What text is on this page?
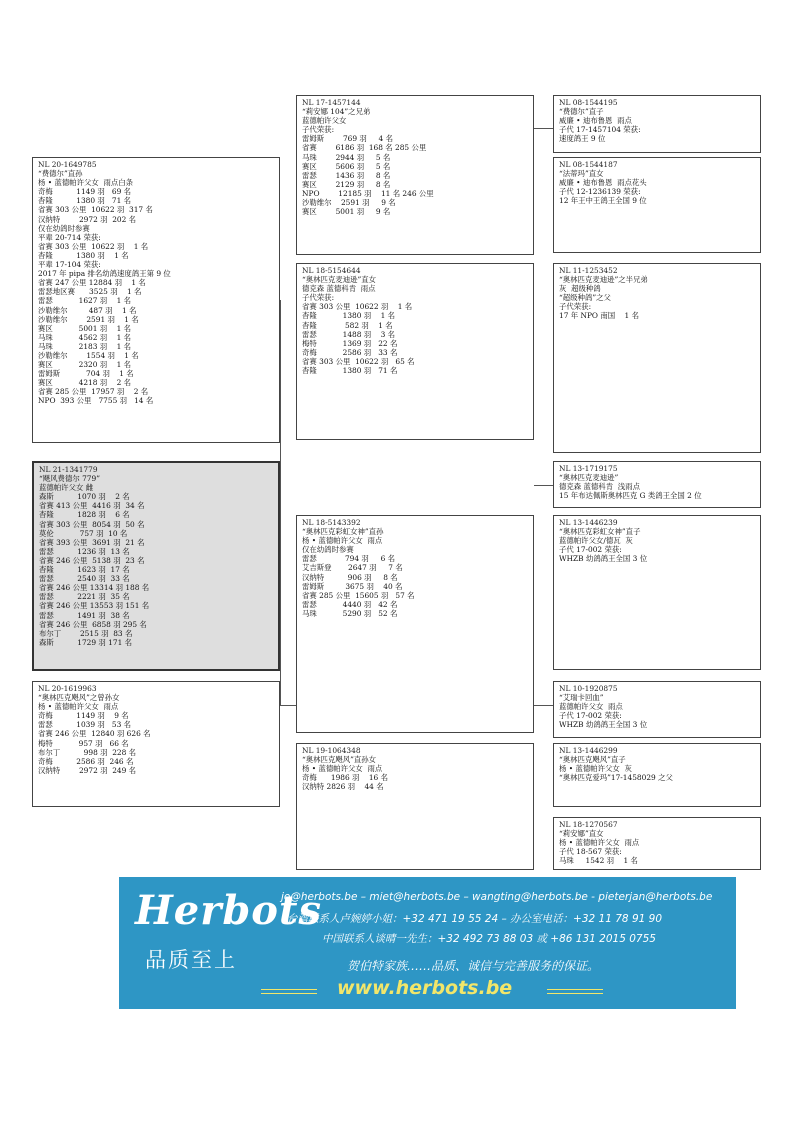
NL 21-1341779
“飓风费德尔 779”
蓝德帕许父女 雌
森斯          1070 羽    2 名
省赛 413 公里  4416 羽  34 名
杳隆          1828 羽    6 名
省赛 303 公里  8054 羽  50 名
莫伦           757 羽  10 名
省赛 393 公里  3691 羽  21 名
雷瑟          1236 羽  13 名
省赛 246 公里  5138 羽  23 名
杳隆          1623 羽  17 名
雷瑟          2540 羽  33 名
省赛 246 公里 13314 羽 188 名
雷瑟          2221 羽  35 名
省赛 246 公里 13553 羽 151 名
雷瑟          1491 羽  38 名
省赛 246 公里  6858 羽 295 名
布尔丁        2515 羽  83 名
森斯          1729 羽 171 名
NL 20-1649785
“费德尔”直孙
杨 • 蓝德帕许父女  雨点白条
奇梅          1149 羽   69 名
杳隆          1380 羽   71 名
省赛 303 公里  10622 羽  317 名
汉纳特        2972 羽  202 名
仅在幼鸽时参赛
平辈 20-714 荣获:
省赛 303 公里  10622 羽    1 名
杳隆          1380 羽    1 名
平辈 17-104 荣获:
2017 年 pipa 排名幼鸽速度鸽王第 9 位
省赛 247 公里 12884 羽    1 名
雷瑟地区赛      3525 羽    1 名
雷瑟           1627 羽    1 名
沙勒维尔         487 羽    1 名
沙勒维尔        2591 羽    1 名
赛区           5001 羽    1 名
马珠           4562 羽    1 名
马珠           2183 羽    1 名
沙勒维尔        1554 羽    1 名
赛区           2320 羽    1 名
雷姆斯           704 羽    1 名
赛区           4218 羽    2 名
省赛 285 公里  17957 羽    2 名
NPO  393 公里   7755 羽   14 名
NL 20-1619963
“奥林匹克飓风”之曾孙女
杨 • 蓝德帕许父女  雨点
奇梅          1149 羽    9 名
雷瑟          1039 羽   53 名
省赛 246 公里  12840 羽 626 名
梅特           957 羽   66 名
布尔丁          998 羽  228 名
奇梅          2586 羽  246 名
汉纳特        2972 羽  249 名
NL 17-1457144
“莉安娜 104”之兄弟
蓝德帕许父女
子代荣获:
雷姆斯        769 羽     4 名
省赛        6186 羽  168 名 285 公里
马珠        2944 羽     5 名
赛区        5606 羽     5 名
雷瑟        1436 羽     8 名
赛区        2129 羽     8 名
NPO        12185 羽    11 名 246 公里
沙勒维尔    2591 羽     9 名
赛区        5001 羽     9 名
NL 18-5154644
“奥林匹克麦迪逊”直女
德克森 蓝德科肯  雨点
子代荣获:
省赛 303 公里  10622 羽    1 名
杳隆           1380 羽    1 名
杳隆            582 羽    1 名
雷瑟           1488 羽    3 名
梅特           1369 羽   22 名
奇梅           2586 羽   33 名
省赛 303 公里  10622 羽   65 名
杳隆           1380 羽   71 名
NL 18-5143392
“奥林匹克彩虹女神”直孙
杨 • 蓝德帕许父女  雨点
仅在幼鸽时参赛
雷瑟            794 羽     6 名
艾吉斯登       2647 羽     7 名
汉纳特          906 羽     8 名
雷姆斯         3675 羽    40 名
省赛 285 公里  15605 羽   57 名
雷瑟           4440 羽   42 名
马珠           5290 羽   52 名
NL 19-1064348
“奥林匹克飓风”直孙女
杨 • 蓝德帕许父女  雨点
奇梅      1986 羽    16 名
汉纳特 2826 羽    44 名
NL 08-1544195
“费德尔”直子
威廉 • 迪布鲁恩  雨点
子代 17-1457104 荣获:
速度鸽王 9 位
NL 08-1544187
“法蒂玛”直女
威廉 • 迪布鲁恩  雨点花头
子代 12-1236139 荣获:
12 年王中王鸽王全国 9 位
NL 11-1253452
“奥林匹克麦迪逊”之半兄弟
灰  超级种鸽
“超级种鸽”之父
子代荣获:
17 年 NPO 南国    1 名
NL 13-1719175
“奥林匹克麦迪逊”
德克森 蓝德科肯  浅雨点
15 年布达佩斯奥林匹克 G 类鸽王全国 2 位
NL 13-1446239
“奥林匹克彩虹女神”直子
蓝德帕许父女/德瓦  灰
子代 17-002 荣获:
WHZB 幼鸽鸽王全国 3 位
NL 10-1920875
“艾瑞卡回血”
蓝德帕许父女  雨点
子代 17-002 荣获:
WHZB 幼鸽鸽王全国 3 位
NL 13-1446299
“奥林匹克飓风”直子
杨 • 蓝德帕许父女  灰
“奥林匹克爱玛”17-1458029 之父
NL 18-1270567
“莉安娜”直女
杨 • 蓝德帕许父女  雨点
子代 18-567 荣获:
马珠     1542 羽    1 名
Herbots
品质至上
jo@herbots.be – miet@herbots.be – wangting@herbots.be - pieterjan@herbots.be
台湾联系人卢婉婷小姐：+32 471 19 55 24 – 办公室电话：+32 11 78 91 90
中国联系人谈晴一先生：+32 492 73 88 03 或 +86 131 2015 0755
贺伯特家族……品质、诚信与完善服务的保证。
www.herbots.be
